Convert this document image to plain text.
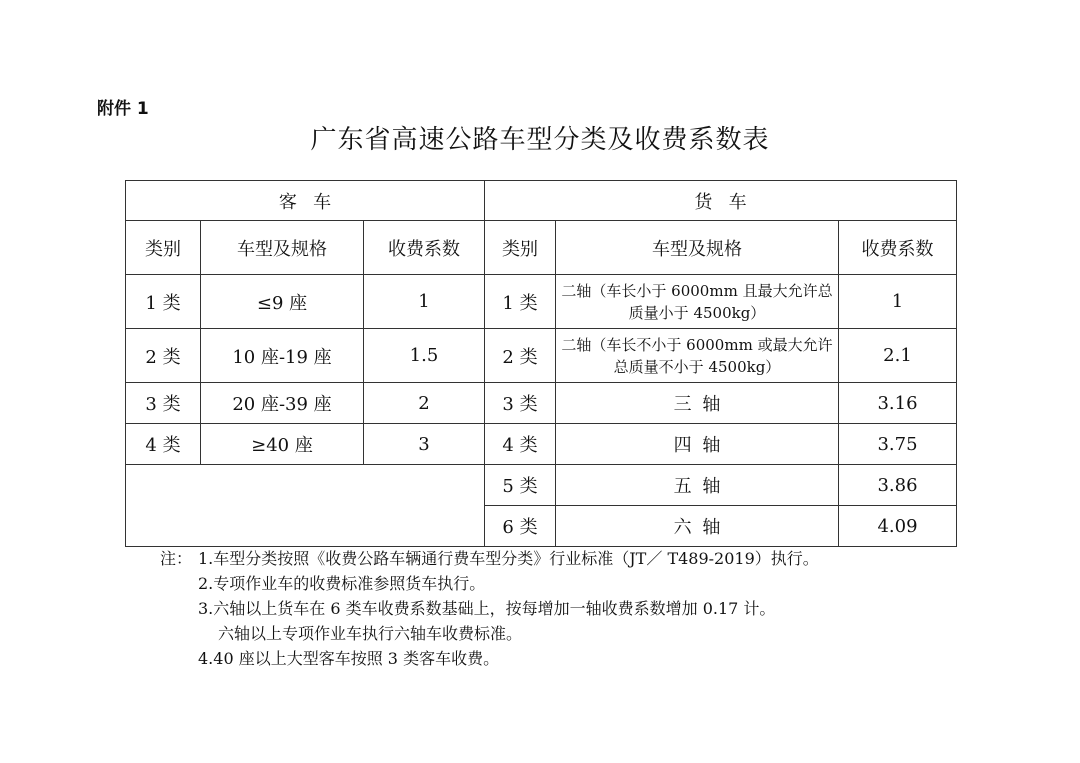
附件 1
广东省高速公路车型分类及收费系数表
客车			货车		
类别	车型及规格	收费系数	类别	车型及规格	收费系数
1 类	≤9 座	1	1 类	二轴（车长小于 6000mm 且最大允许总质量小于 4500kg）	1
2 类	10 座-19 座	1.5	2 类	二轴（车长不小于 6000mm 或最大允许总质量不小于 4500kg）	2.1
3 类	20 座-39 座	2	3 类	三轴	3.16
4 类	≥40 座	3	4 类	四轴	3.75
			5 类	五轴	3.86
			6 类	六轴	4.09
注： 1.车型分类按照《收费公路车辆通行费车型分类》行业标准（JT／ T489-2019）执行。
2.专项作业车的收费标准参照货车执行。
3.六轴以上货车在 6 类车收费系数基础上，按每增加一轴收费系数增加 0.17 计。
六轴以上专项作业车执行六轴车收费标准。
4.40 座以上大型客车按照 3 类客车收费。
